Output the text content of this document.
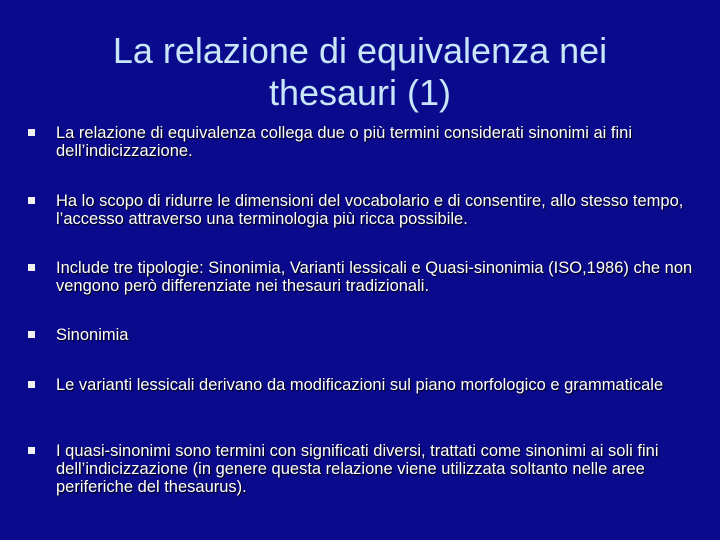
La relazione di equivalenza nei
thesauri (1)
La relazione di equivalenza collega due o più termini considerati sinonimi ai fini dell’indicizzazione.
Ha lo scopo di ridurre le dimensioni del vocabolario e di consentire, allo stesso tempo, l’accesso attraverso una terminologia più ricca possibile.
Include tre tipologie: Sinonimia, Varianti lessicali e Quasi-sinonimia (ISO,1986) che non vengono però differenziate nei thesauri tradizionali.
Sinonimia
Le varianti lessicali derivano da modificazioni sul piano morfologico e grammaticale
I quasi-sinonimi sono termini con significati diversi, trattati come sinonimi ai soli fini dell’indicizzazione (in genere questa relazione viene utilizzata soltanto nelle aree periferiche del thesaurus).
